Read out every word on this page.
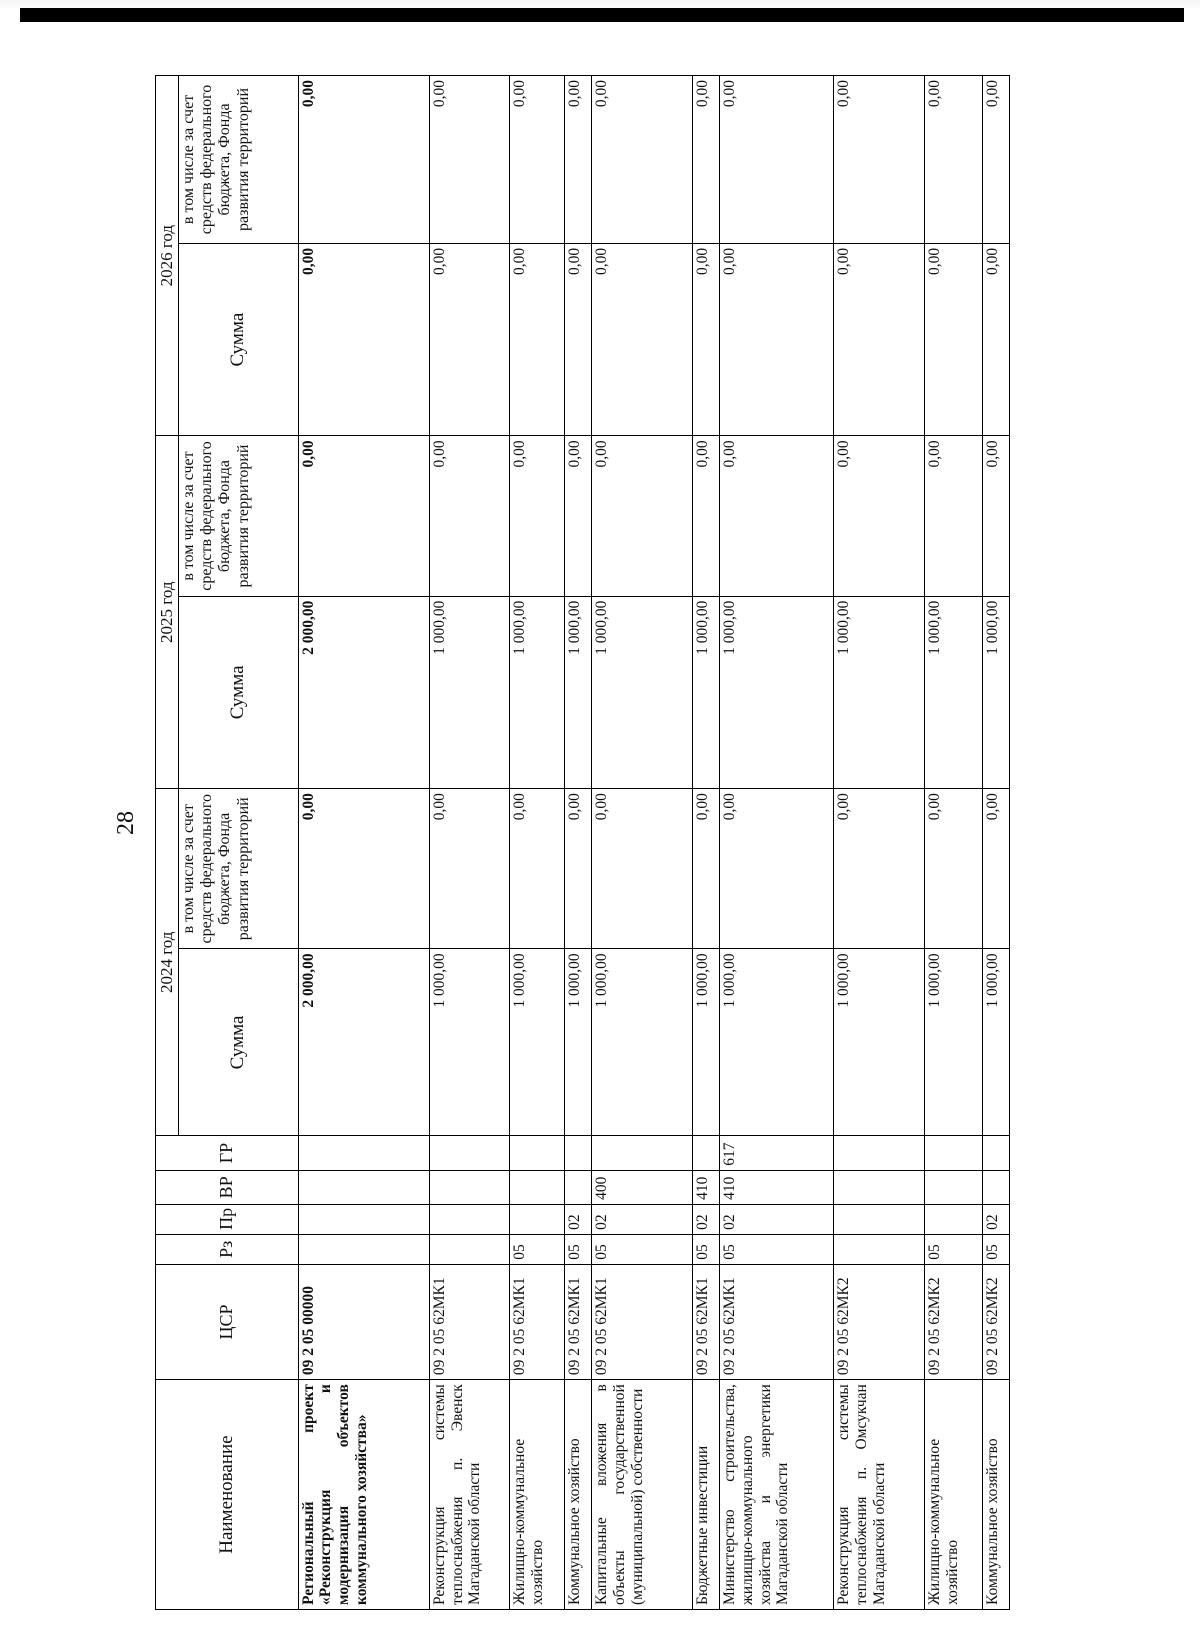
28
Наименование	ЦСР	Рз	Пр	ВР	ГР	2024 год		2025 год		2026 год	
						Сумма	в том числе за счет средств федерального бюджета, Фонда развития территорий	Сумма	в том числе за счет средств федерального бюджета, Фонда развития территорий	Сумма	в том числе за счет средств федерального бюджета, Фонда развития территорий

Региональный проект «Реконструкция и модернизация объектов коммунального хозяйства»	09 2 05 00000					2 000,00	0,00	2 000,00	0,00	0,00	0,00
Реконструкция системы теплоснабжения п. Эвенск Магаданской области	09 2 05 62МК1					1 000,00	0,00	1 000,00	0,00	0,00	0,00
Жилищно-коммунальное хозяйство	09 2 05 62МК1	05				1 000,00	0,00	1 000,00	0,00	0,00	0,00
Коммунальное хозяйство	09 2 05 62МК1	05	02			1 000,00	0,00	1 000,00	0,00	0,00	0,00
Капитальные вложения в объекты государственной (муниципальной) собственности	09 2 05 62МК1	05	02	400		1 000,00	0,00	1 000,00	0,00	0,00	0,00
Бюджетные инвестиции	09 2 05 62МК1	05	02	410		1 000,00	0,00	1 000,00	0,00	0,00	0,00
Министерство строительства, жилищно-коммунального хозяйства и энергетики Магаданской области	09 2 05 62МК1	05	02	410	617	1 000,00	0,00	1 000,00	0,00	0,00	0,00
Реконструкция системы теплоснабжения п. Омсукчан Магаданской области	09 2 05 62МК2					1 000,00	0,00	1 000,00	0,00	0,00	0,00
Жилищно-коммунальное хозяйство	09 2 05 62МК2	05				1 000,00	0,00	1 000,00	0,00	0,00	0,00
Коммунальное хозяйство	09 2 05 62МК2	05	02			1 000,00	0,00	1 000,00	0,00	0,00	0,00
